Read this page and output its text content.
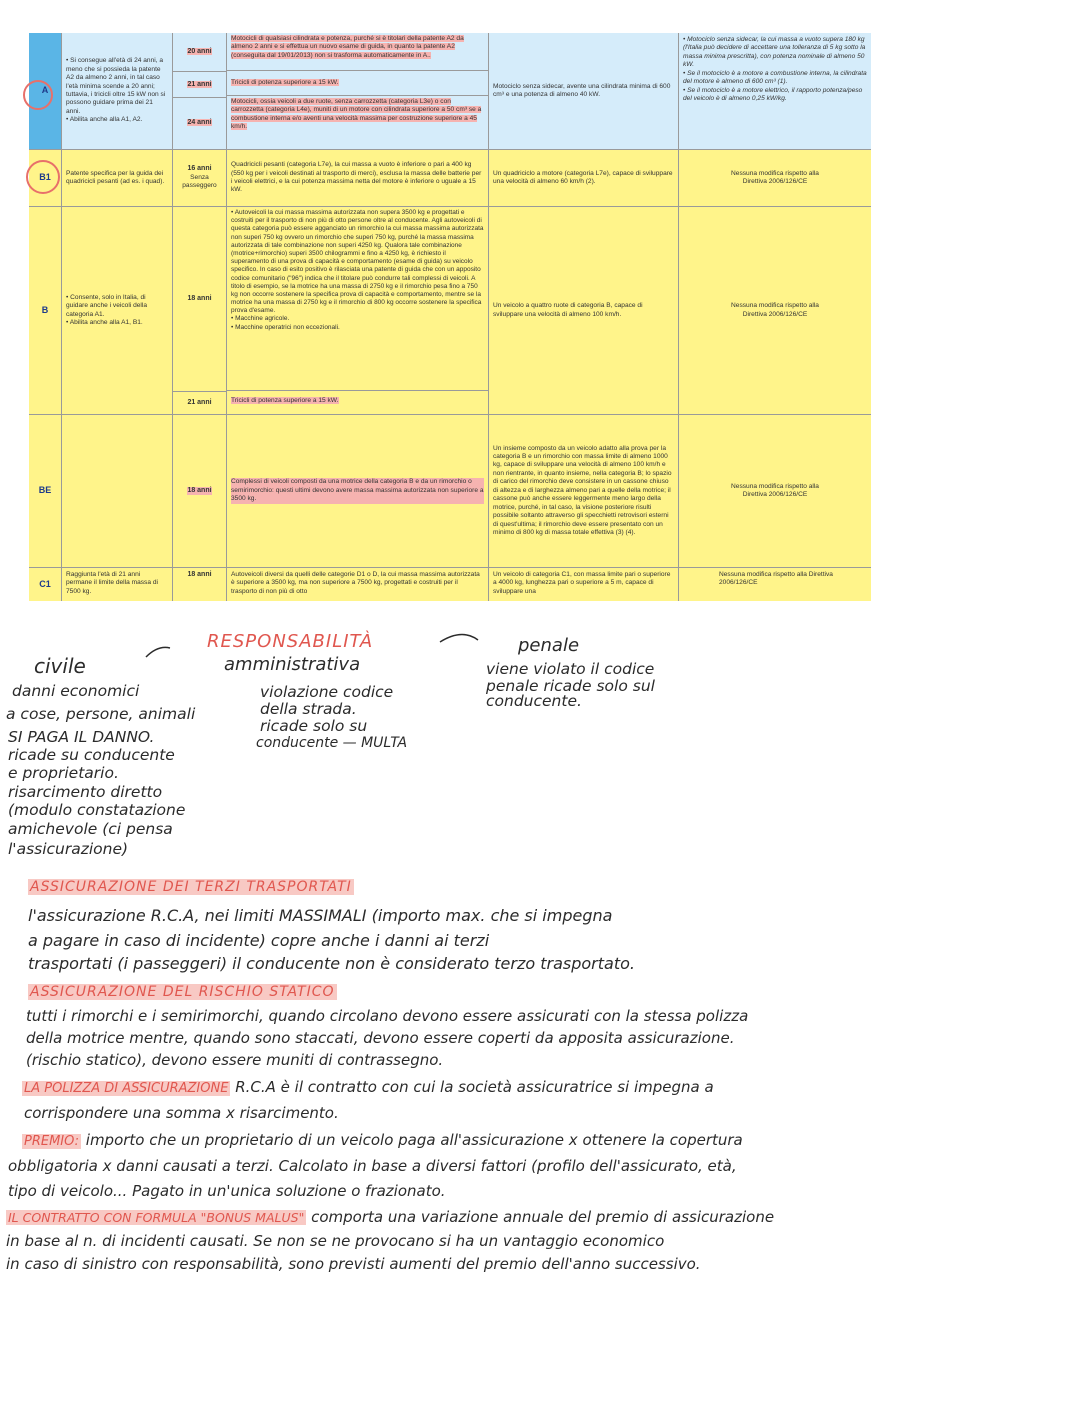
A
• Si consegue all'età di 24 anni, a meno che si possieda la patente A2 da almeno 2 anni, in tal caso l'età minima scende a 20 anni; tuttavia, i tricicli oltre 15 kW non si possono guidare prima dei 21 anni.
• Abilita anche alla A1, A2.
20 anni
21 anni
24 anni
Motocicli di qualsiasi cilindrata e potenza, purché si è titolari della patente A2 da almeno 2 anni e si effettua un nuovo esame di guida, in quanto la patente A2 (conseguita dal 19/01/2013) non si trasforma automaticamente in A..
Tricicli di potenza superiore a 15 kW.
Motocicli, ossia veicoli a due ruote, senza carrozzetta (categoria L3e) o con carrozzetta (categoria L4e), muniti di un motore con cilindrata superiore a 50 cm³ se a combustione interna e/o aventi una velocità massima per costruzione superiore a 45 km/h.
Motociclo senza sidecar, avente una cilindrata minima di 600 cm³ e una potenza di almeno 40 kW.
• Motociclo senza sidecar, la cui massa a vuoto supera 180 kg (l'Italia può decidere di accettare una tolleranza di 5 kg sotto la massa minima prescritta), con potenza nominale di almeno 50 kW.
• Se il motociclo è a motore a combustione interna, la cilindrata del motore è almeno di 600 cm³ (1).
• Se il motociclo è a motore elettrico, il rapporto potenza/peso del veicolo è di almeno 0,25 kW/kg.
B1 Patente specifica per la guida dei quadricicli pesanti (ad es. i quad).
16 anni
Senza passeggero
Quadricicli pesanti (categoria L7e), la cui massa a vuoto è inferiore o pari a 400 kg (550 kg per i veicoli destinati al trasporto di merci), esclusa la massa delle batterie per i veicoli elettrici, e la cui potenza massima netta del motore è inferiore o uguale a 15 kW.
Un quadriciclo a motore (categoria L7e), capace di sviluppare una velocità di almeno 60 km/h (2).
Nessuna modifica rispetto alla Direttiva 2006/126/CE
B
• Consente, solo in Italia, di guidare anche i veicoli della categoria A1.
• Abilita anche alla A1, B1.
18 anni
21 anni
• Autoveicoli la cui massa massima autorizzata non supera 3500 kg e progettati e costruiti per il trasporto di non più di otto persone oltre al conducente. Agli autoveicoli di questa categoria può essere agganciato un rimorchio la cui massa massima autorizzata non superi 750 kg ovvero un rimorchio che superi 750 kg, purché la massa massima autorizzata di tale combinazione non superi 4250 kg. Qualora tale combinazione (motrice+rimorchio) superi 3500 chilogrammi e fino a 4250 kg, è richiesto il superamento di una prova di capacità e comportamento (esame di guida) su veicolo specifico. In caso di esito positivo è rilasciata una patente di guida che con un apposito codice comunitario ("96") indica che il titolare può condurre tali complessi di veicoli. A titolo di esempio, se la motrice ha una massa di 2750 kg e il rimorchio pesa fino a 750 kg non occorre sostenere la specifica prova di capacità e comportamento, mentre se la motrice ha una massa di 2750 kg e il rimorchio di 800 kg occorre sostenere la specifica prova d'esame.
• Macchine agricole.
• Macchine operatrici non eccezionali.
Tricicli di potenza superiore a 15 kW.
Un veicolo a quattro ruote di categoria B, capace di sviluppare una velocità di almeno 100 km/h.
Nessuna modifica rispetto alla Direttiva 2006/126/CE
BE	18 anni
Complessi di veicoli composti da una motrice della categoria B e da un rimorchio o semirimorchio: questi ultimi devono avere massa massima autorizzata non superiore a 3500 kg.
Un insieme composto da un veicolo adatto alla prova per la categoria B e un rimorchio con massa limite di almeno 1000 kg, capace di sviluppare una velocità di almeno 100 km/h e non rientrante, in quanto insieme, nella categoria B; lo spazio di carico del rimorchio deve consistere in un cassone chiuso di altezza e di larghezza almeno pari a quelle della motrice; il cassone può anche essere leggermente meno largo della motrice, purché, in tal caso, la visione posteriore risulti possibile soltanto attraverso gli specchietti retrovisori esterni di quest'ultima; il rimorchio deve essere presentato con un minimo di 800 kg di massa totale effettiva (3) (4).
Nessuna modifica rispetto alla Direttiva 2006/126/CE
C1
Raggiunta l'età di 21 anni permane il limite della massa di 7500 kg.
18 anni	Autoveicoli diversi da quelli delle categorie D1 o D, la cui massa massima autorizzata è superiore a 3500 kg, ma non superiore a 7500 kg, progettati e costruiti per il trasporto di non più di otto
Un veicolo di categoria C1, con massa limite pari o superiore a 4000 kg, lunghezza pari o superiore a 5 m, capace di sviluppare una
Nessuna modifica rispetto alla Direttiva 2006/126/CE
civile
danni economici
a cose, persone, animali
SI PAGA IL DANNO.
ricade su conducente
e proprietario.
risarcimento diretto
(modulo constatazione
amichevole (ci pensa
l'assicurazione)
RESPONSABILITÀ
amministrativa
violazione codice
della strada.
ricade solo su
conducente — MULTA
penale
viene violato il codice
penale ricade solo sul
conducente.
ASSICURAZIONE DEI TERZI TRASPORTATI
l'assicurazione R.C.A, nei limiti MASSIMALI (importo max. che si impegna
a pagare in caso di incidente) copre anche i danni ai terzi
trasportati (i passeggeri) il conducente non è considerato terzo trasportato.
ASSICURAZIONE DEL RISCHIO STATICO
tutti i rimorchi e i semirimorchi, quando circolano devono essere assicurati con la stessa polizza
della motrice mentre, quando sono staccati, devono essere coperti da apposita assicurazione.
(rischio statico), devono essere muniti di contrassegno.
LA POLIZZA DI ASSICURAZIONE R.C.A è il contratto con cui la società assicuratrice si impegna a
corrispondere una somma x risarcimento.
PREMIO: importo che un proprietario di un veicolo paga all'assicurazione x ottenere la copertura
obbligatoria x danni causati a terzi. Calcolato in base a diversi fattori (profilo dell'assicurato, età,
tipo di veicolo... Pagato in un'unica soluzione o frazionato.
IL CONTRATTO CON FORMULA "BONUS MALUS" comporta una variazione annuale del premio di assicurazione
in base al n. di incidenti causati. Se non se ne provocano si ha un vantaggio economico
in caso di sinistro con responsabilità, sono previsti aumenti del premio dell'anno successivo.
